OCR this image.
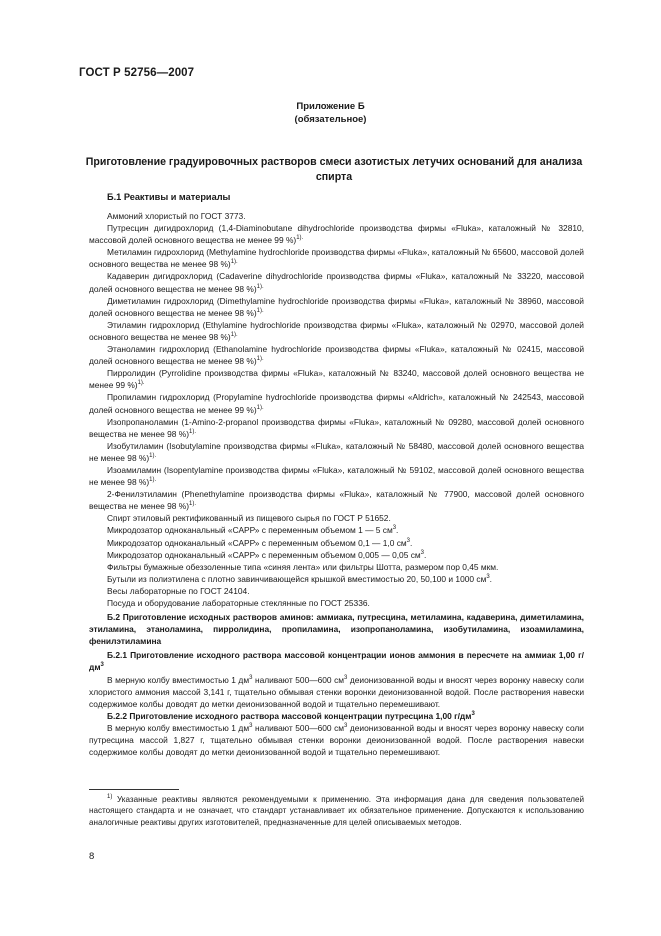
ГОСТ Р 52756—2007
Приложение Б
(обязательное)
Приготовление градуировочных растворов смеси азотистых летучих оснований для анализа спирта
Б.1 Реактивы и материалы

Аммоний хлористый по ГОСТ 3773.

Путресцин дигидрохлорид (1,4-Diaminobutane dihydrochloride производства фирмы «Fluka», каталожный № 32810, массовой долей основного вещества не менее 99 %)$^{1).}$

Метиламин гидрохлорид (Methylamine hydrochloride производства фирмы «Fluka», каталожный № 65600, массовой долей основного вещества не менее 98 %)$^{1).}$

Кадаверин дигидрохлорид (Cadaverine dihydrochloride производства фирмы «Fluka», каталожный № 33220, массовой долей основного вещества не менее 98 %)$^{1).}$

Диметиламин гидрохлорид (Dimethylamine hydrochloride производства фирмы «Fluka», каталожный № 38960, массовой долей основного вещества не менее 98 %)$^{1).}$

Этиламин гидрохлорид (Ethylamine hydrochloride производства фирмы «Fluka», каталожный № 02970, массовой долей основного вещества не менее 98 %)$^{1).}$

Этаноламин гидрохлорид (Ethanolamine hydrochloride производства фирмы «Fluka», каталожный № 02415, массовой долей основного вещества не менее 98 %)$^{1).}$

Пирролидин (Pyrrolidine производства фирмы «Fluka», каталожный № 83240, массовой долей основного вещества не менее 99 %)$^{1).}$

Пропиламин гидрохлорид (Propylamine hydrochloride производства фирмы «Aldrich», каталожный № 242543, массовой долей основного вещества не менее 99 %)$^{1).}$

Изопропаноламин (1-Amino-2-propanol производства фирмы «Fluka», каталожный № 09280, массовой долей основного вещества не менее 98 %)$^{1).}$

Изобутиламин (Isobutylamine производства фирмы «Fluka», каталожный № 58480, массовой долей основного вещества не менее 98 %)$^{1).}$

Изоамиламин (Isopentylamine производства фирмы «Fluka», каталожный № 59102, массовой долей основного вещества не менее 98 %)$^{1).}$

2-Фенилэтиламин (Phenethylamine производства фирмы «Fluka», каталожный № 77900, массовой долей основного вещества не менее 98 %)$^{1).}$

Спирт этиловый ректификованный из пищевого сырья по ГОСТ Р 51652.

Микродозатор одноканальный «САРР» с переменным объемом 1 — 5 $см^3$.

Микродозатор одноканальный «САРР» с переменным объемом 0,1 — 1,0 $см^3$.

Микродозатор одноканальный «САРР» с переменным объемом 0,005 — 0,05 $см^3$.

Фильтры бумажные обеззоленные типа «синяя лента» или фильтры Шотта, размером пор 0,45 мкм.

Бутыли из полиэтилена с плотно завинчивающейся крышкой вместимостью 20, 50,100 и 1000 $см^3$.

Весы лабораторные по ГОСТ 24104.

Посуда и оборудование лабораторные стеклянные по ГОСТ 25336.

Б.2 Приготовление исходных растворов аминов: аммиака, путресцина, метиламина, кадаверина, диметиламина, этиламина, этаноламина, пирролидина, пропиламина, изопропаноламина, изобутиламина, изоамиламина, фенилэтиламина

Б.2.1 Приготовление исходного раствора массовой концентрации ионов аммония в пересчете на аммиак 1,00 $г/дм^3$

В мерную колбу вместимостью 1 $дм^3$ наливают 500—600 $см^3$ деионизованной воды и вносят через воронку навеску соли хлористого аммония массой 3,141 г, тщательно обмывая стенки воронки деионизованной водой. После растворения навески содержимое колбы доводят до метки деионизованной водой и тщательно перемешивают.

Б.2.2 Приготовление исходного раствора массовой концентрации путресцина 1,00 $г/дм^3$

В мерную колбу вместимостью 1 $дм^3$ наливают 500—600 $см^3$ деионизованной воды и вносят через воронку навеску соли путресцина массой 1,827 г, тщательно обмывая стенки воронки деионизованной водой. После растворения навески содержимое колбы доводят до метки деионизованной водой и тщательно перемешивают.

$^{1)}$ Указанные реактивы являются рекомендуемыми к применению. Эта информация дана для сведения пользователей настоящего стандарта и не означает, что стандарт устанавливает их обязательное применение. Допускаются к использованию аналогичные реактивы других изготовителей, предназначенные для целей описываемых методов.
8
